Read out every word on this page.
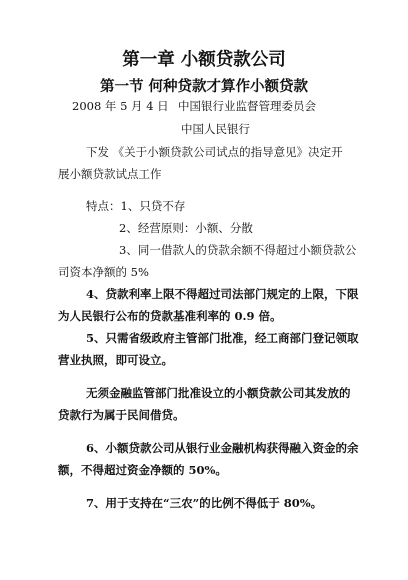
第一章 小额贷款公司
第一节 何种贷款才算作小额贷款
2008 年 5 月 4 日 中国银行业监督管理委员会
中国人民银行
下发 《关于小额贷款公司试点的指导意见》决定开
展小额贷款试点工作
特点：1、只贷不存
2、经营原则：小额、分散
3、同一借款人的贷款余额不得超过小额贷款公
司资本净额的 5%
4、贷款利率上限不得超过司法部门规定的上限，下限
为人民银行公布的贷款基准利率的 0.9 倍。
5、只需省级政府主管部门批准，经工商部门登记领取
营业执照，即可设立。
无须金融监管部门批准设立的小额贷款公司其发放的
贷款行为属于民间借贷。
6、小额贷款公司从银行业金融机构获得融入资金的余
额，不得超过资金净额的 50%。
7、用于支持在“三农”的比例不得低于 80%。
